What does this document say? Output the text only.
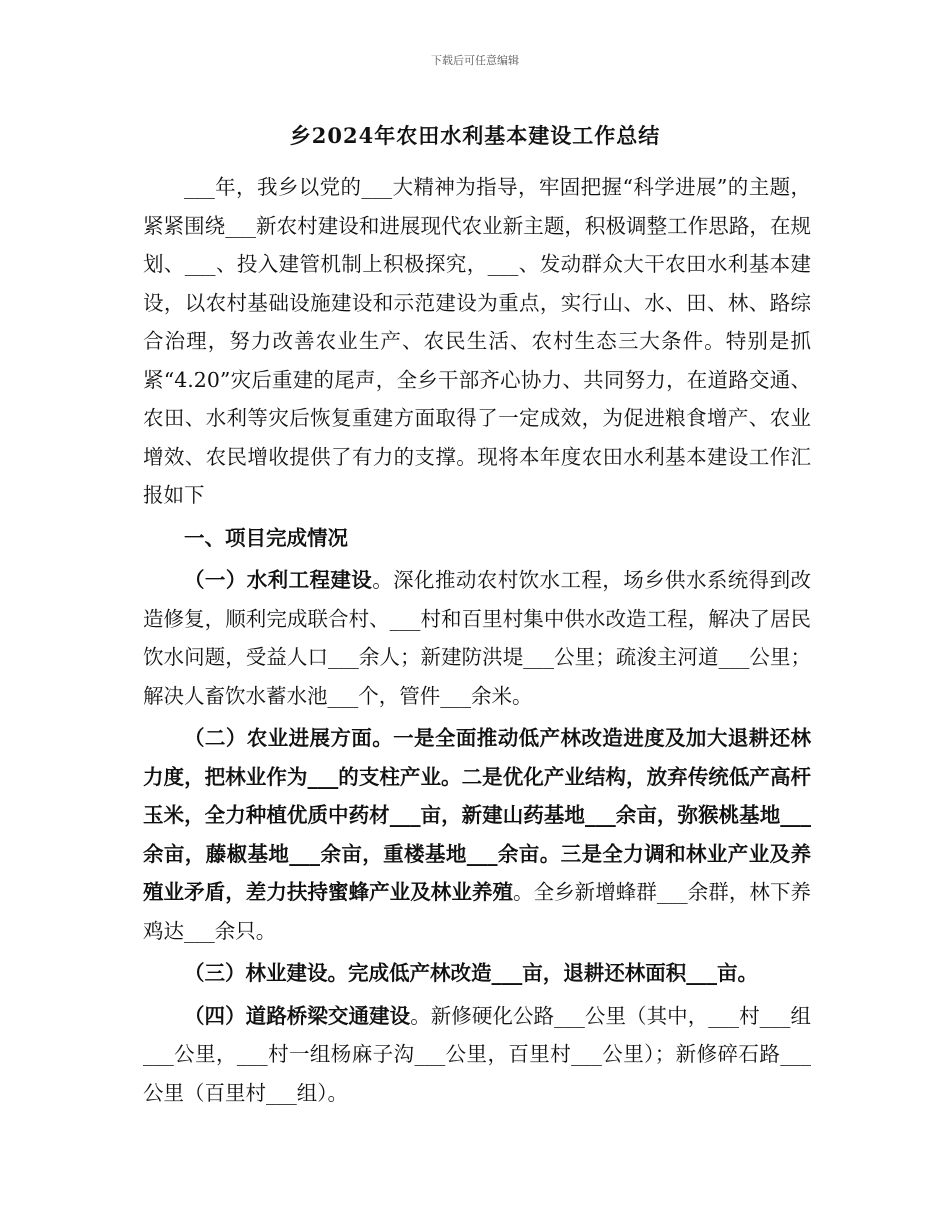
下载后可任意编辑
乡2024年农田水利基本建设工作总结

___年，我乡以党的___大精神为指导，牢固把握“科学进展”的主题，紧紧围绕___新农村建设和进展现代农业新主题，积极调整工作思路，在规划、___、投入建管机制上积极探究，___、发动群众大干农田水利基本建设，以农村基础设施建设和示范建设为重点，实行山、水、田、林、路综合治理，努力改善农业生产、农民生活、农村生态三大条件。特别是抓紧“4.20”灾后重建的尾声，全乡干部齐心协力、共同努力，在道路交通、农田、水利等灾后恢复重建方面取得了一定成效，为促进粮食增产、农业增效、农民增收提供了有力的支撑。现将本年度农田水利基本建设工作汇报如下

一、项目完成情况

（一）水利工程建设。深化推动农村饮水工程，场乡供水系统得到改造修复，顺利完成联合村、___村和百里村集中供水改造工程，解决了居民饮水问题，受益人口___余人；新建防洪堤___公里；疏浚主河道___公里；解决人畜饮水蓄水池___个，管件___余米。

（二）农业进展方面。一是全面推动低产林改造进度及加大退耕还林力度，把林业作为___的支柱产业。二是优化产业结构，放弃传统低产高杆玉米，全力种植优质中药材___亩，新建山药基地___余亩，弥猴桃基地___余亩，藤椒基地___余亩，重楼基地___余亩。三是全力调和林业产业及养殖业矛盾，差力扶持蜜蜂产业及林业养殖。全乡新增蜂群___余群，林下养鸡达___余只。

（三）林业建设。完成低产林改造___亩，退耕还林面积___亩。

（四）道路桥梁交通建设。新修硬化公路___公里（其中，___村___组___公里，___村一组杨麻子沟___公里，百里村___公里）；新修碎石路___公里（百里村___组）。
